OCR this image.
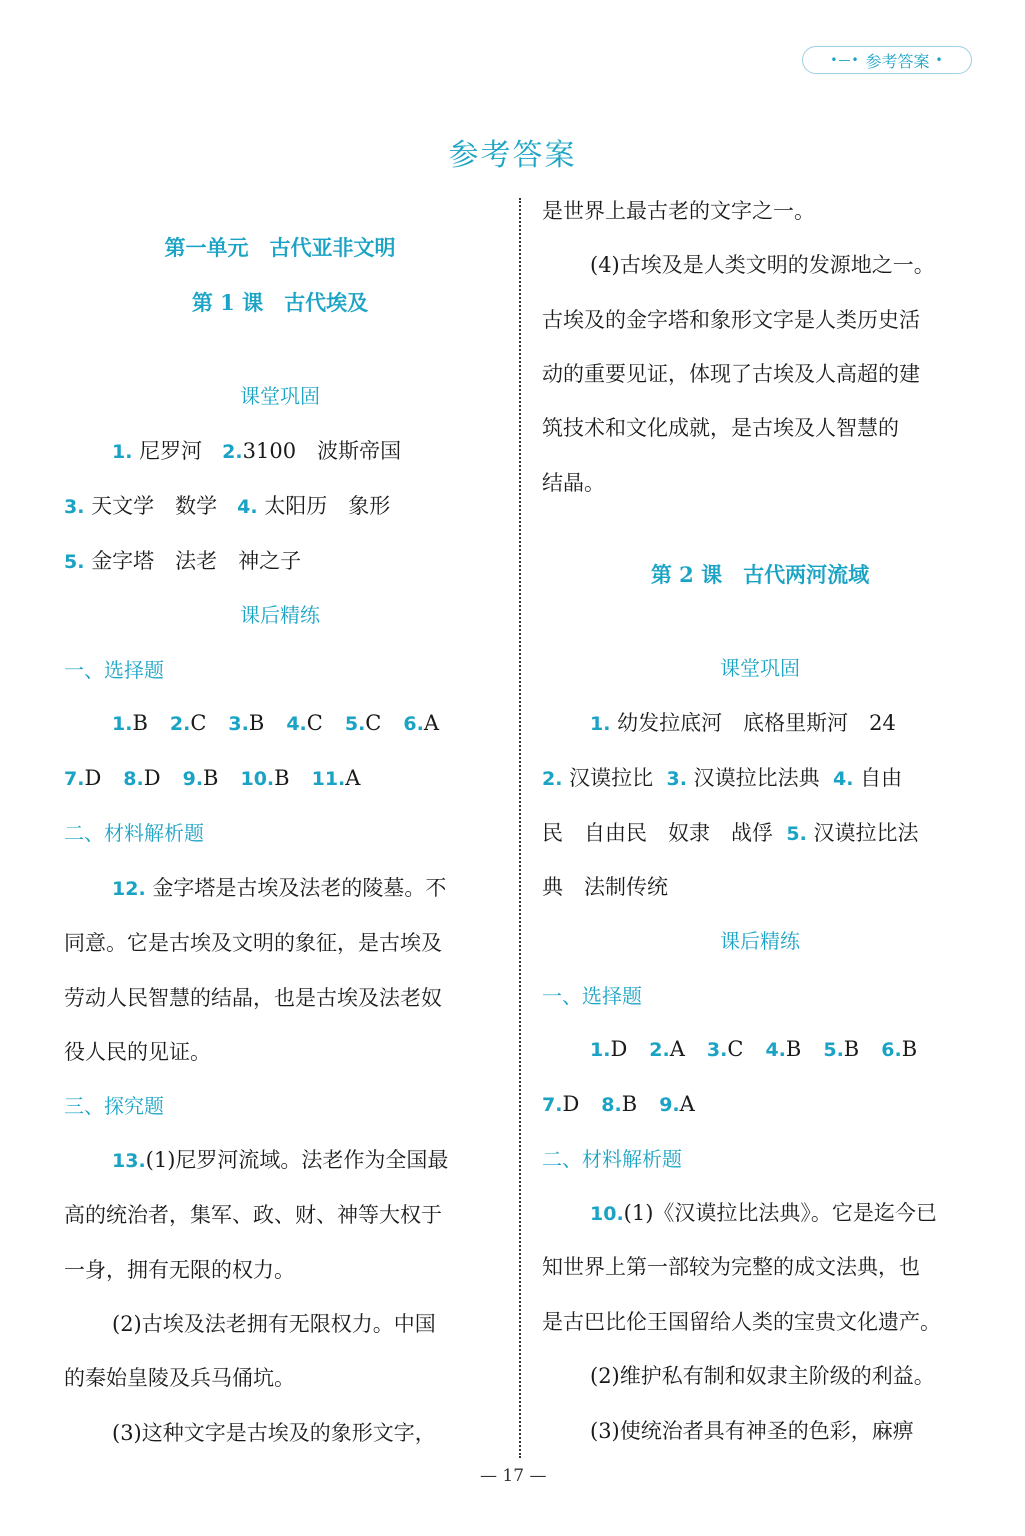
•—• 参考答案 •
参考答案
第一单元　古代亚非文明
第 1 课　古代埃及
课堂巩固
1. 尼罗河 2.3100　波斯帝国
3. 天文学　数学 4. 太阳历　象形
5. 金字塔　法老　神之子
课后精练
一、选择题
1.B 2.C 3.B 4.C 5.C 6.A
7.D 8.D 9.B 10.B 11.A
二、材料解析题
12. 金字塔是古埃及法老的陵墓。不
同意。它是古埃及文明的象征，是古埃及
劳动人民智慧的结晶，也是古埃及法老奴
役人民的见证。
三、探究题
13.(1)尼罗河流域。法老作为全国最
高的统治者，集军、政、财、神等大权于
一身，拥有无限的权力。
(2)古埃及法老拥有无限权力。中国
的秦始皇陵及兵马俑坑。
(3)这种文字是古埃及的象形文字，
是世界上最古老的文字之一。
(4)古埃及是人类文明的发源地之一。
古埃及的金字塔和象形文字是人类历史活
动的重要见证，体现了古埃及人高超的建
筑技术和文化成就，是古埃及人智慧的
结晶。
第 2 课　古代两河流域
课堂巩固
1. 幼发拉底河　底格里斯河　24
2. 汉谟拉比 3. 汉谟拉比法典 4. 自由
民　自由民　奴隶　战俘 5. 汉谟拉比法
典　法制传统
课后精练
一、选择题
1.D 2.A 3.C 4.B 5.B 6.B
7.D 8.B 9.A
二、材料解析题
10.(1)《汉谟拉比法典》。它是迄今已
知世界上第一部较为完整的成文法典，也
是古巴比伦王国留给人类的宝贵文化遗产。
(2)维护私有制和奴隶主阶级的利益。
(3)使统治者具有神圣的色彩，麻痹
— 17 —
